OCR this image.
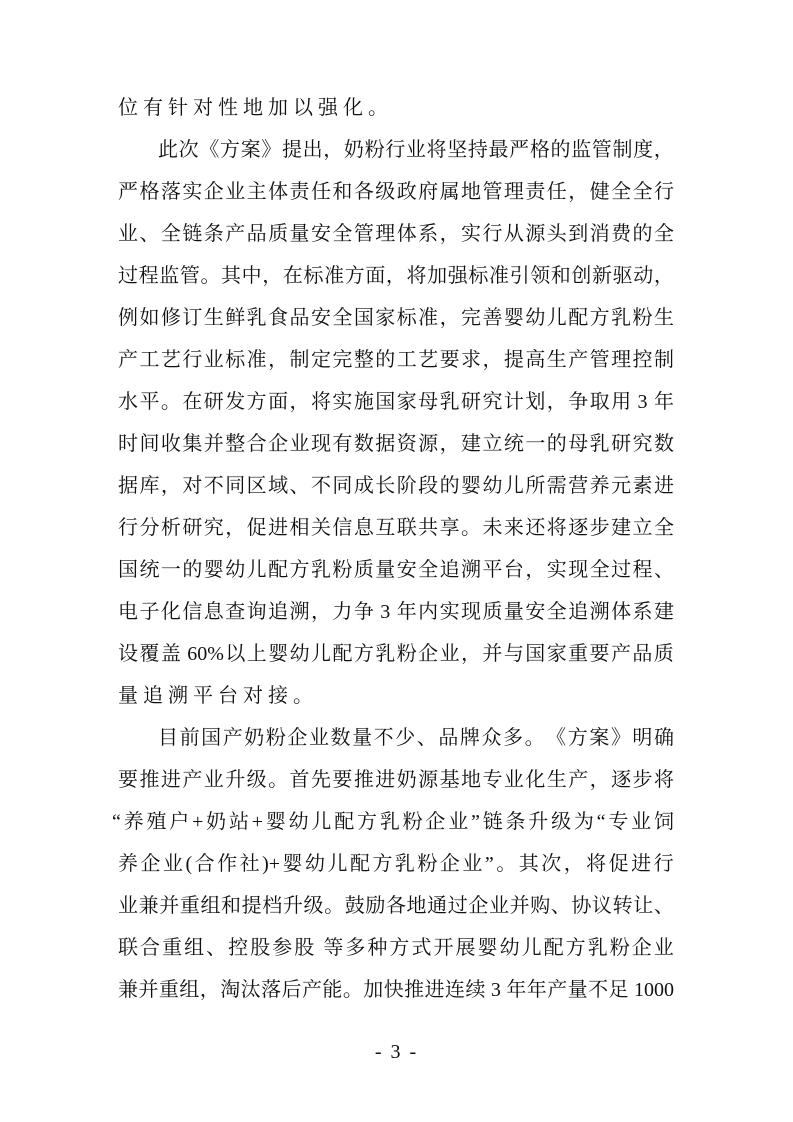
位有针对性地加以强化。
此 次 《 方 案 》 提 出 ， 奶 粉 行 业 将 坚 持 最 严 格 的 监 管 制 度 ，
严 格 落 实 企 业 主 体 责 任 和 各 级 政 府 属 地 管 理 责 任 ， 健 全 全 行
业 、 全 链 条 产 品 质 量 安 全 管 理 体 系 ， 实 行 从 源 头 到 消 费 的 全
过 程 监 管 。 其 中 ， 在 标 准 方 面 ， 将 加 强 标 准 引 领 和 创 新 驱 动 ，
例 如 修 订 生 鲜 乳 食 品 安 全 国 家 标 准 ， 完 善 婴 幼 儿 配 方 乳 粉 生
产 工 艺 行 业 标 准 ， 制 定 完 整 的 工 艺 要 求 ， 提 高 生 产 管 理 控 制
水 平 。 在 研 发 方 面 ， 将 实 施 国 家 母 乳 研 究 计 划 ， 争 取 用 3 年
时 间 收 集 并 整 合 企 业 现 有 数 据 资 源 ， 建 立 统 一 的 母 乳 研 究 数
据 库 ， 对 不 同 区 域 、 不 同 成 长 阶 段 的 婴 幼 儿 所 需 营 养 元 素 进
行 分 析 研 究 ， 促 进 相 关 信 息 互 联 共 享 。 未 来 还 将 逐 步 建 立 全
国 统 一 的 婴 幼 儿 配 方 乳 粉 质 量 安 全 追 溯 平 台 ， 实 现 全 过 程 、
电 子 化 信 息 查 询 追 溯 ， 力 争 3 年 内 实 现 质 量 安 全 追 溯 体 系 建
设 覆 盖 60% 以 上 婴 幼 儿 配 方 乳 粉 企 业 ， 并 与 国 家 重 要 产 品 质
量追溯平台对接。
目 前 国 产 奶 粉 企 业 数 量 不 少 、 品 牌 众 多 。 《 方 案 》 明 确
要 推 进 产 业 升 级 。 首 先 要 推 进 奶 源 基 地 专 业 化 生 产 ， 逐 步 将
“ 养 殖 户 + 奶 站 + 婴 幼 儿 配 方 乳 粉 企 业 ” 链 条 升 级 为 “ 专 业 饲
养 企 业 ( 合 作 社 )+ 婴 幼 儿 配 方 乳 粉 企 业 ” 。 其 次 ， 将 促 进 行
业 兼 并 重 组 和 提 档 升 级 。 鼓 励 各 地 通 过 企 业 并 购 、 协 议 转 让 、
联 合 重 组 、 控 股 参 股
等 多 种 方 式 开 展 婴 幼 儿 配 方 乳 粉 企 业
兼 并 重 组 ， 淘 汰 落 后 产 能 。 加 快 推 进 连 续 3 年 年 产 量 不 足 1000
- 3 -
